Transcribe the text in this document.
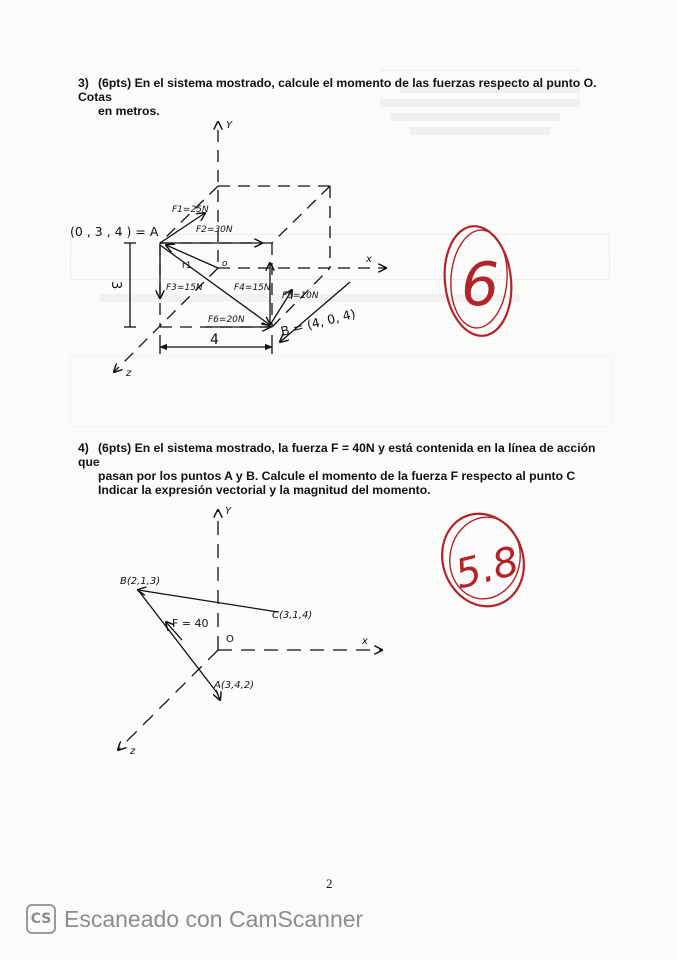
3) (6pts) En el sistema mostrado, calcule el momento de las fuerzas respecto al punto O. Cotas
en metros.
4) (6pts) En el sistema mostrado, la fuerza F = 40N y está contenida en la línea de acción que
pasan por los puntos A y B. Calcule el momento de la fuerza F respecto al punto C
Indicar la expresión vectorial y la magnitud del momento.
Y
x
z
o
(0 , 3 , 4 ) = A
F1=25N
F2=30N
r1
F3=15N	F4=15N
F5=10N
F6=20N	B = (4, 0, 4)
3
4
6
Y
x
z
O
B(2,1,3)
C(3,1,4)
A(3,4,2)
F = 40
5.8
2
CS Escaneado con CamScanner
